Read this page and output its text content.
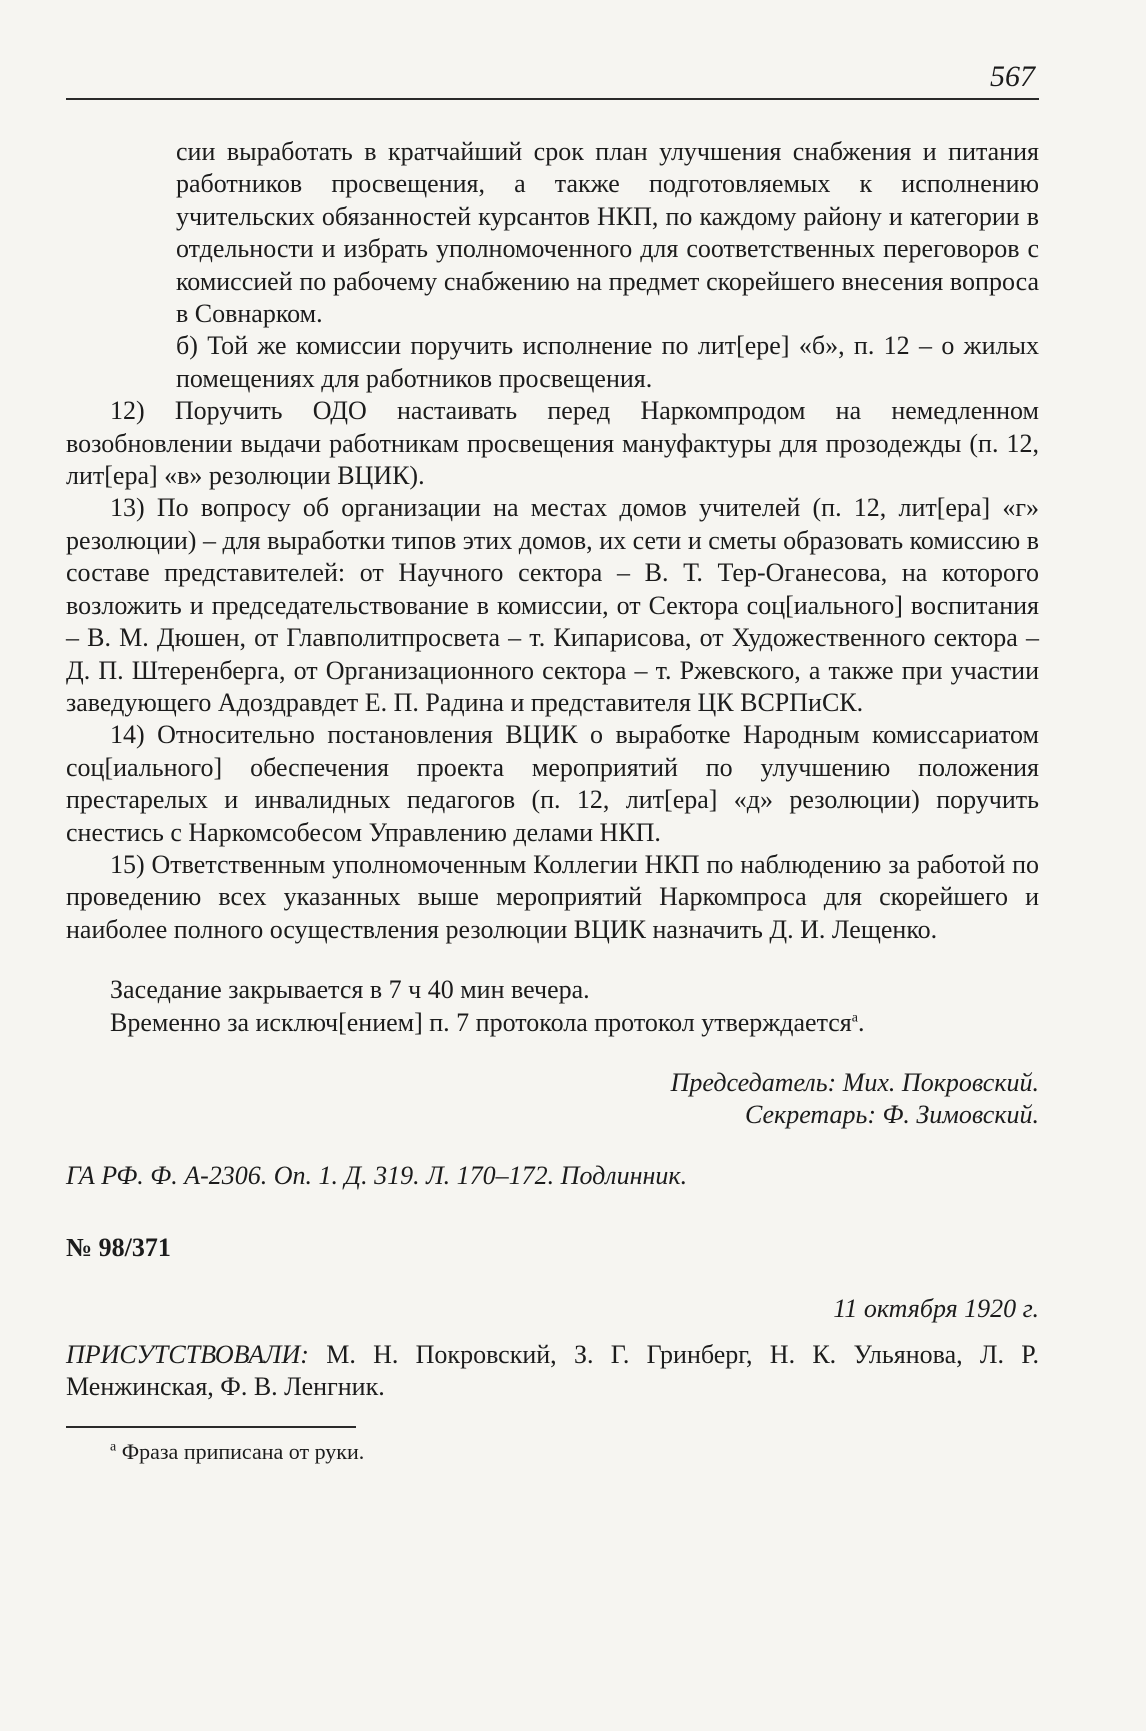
567

сии выработать в кратчайший срок план улучшения снабжения и питания работников просвещения, а также подготовляемых к исполнению учительских обязанностей курсантов НКП, по каждому району и категории в отдельности и избрать уполномоченного для соответственных переговоров с комиссией по рабочему снабжению на предмет скорейшего внесения вопроса в Совнарком.

б) Той же комиссии поручить исполнение по лит[ере] «б», п. 12 – о жилых помещениях для работников просвещения.

12) Поручить ОДО настаивать перед Наркомпродом на немедленном возобновлении выдачи работникам просвещения мануфактуры для прозодежды (п. 12, лит[ера] «в» резолюции ВЦИК).

13) По вопросу об организации на местах домов учителей (п. 12, лит[ера] «г» резолюции) – для выработки типов этих домов, их сети и сметы образовать комиссию в составе представителей: от Научного сектора – В. Т. Тер-Оганесова, на которого возложить и председательствование в комиссии, от Сектора соц[иального] воспитания – В. М. Дюшен, от Главполитпросвета – т. Кипарисова, от Художественного сектора – Д. П. Штеренберга, от Организационного сектора – т. Ржевского, а также при участии заведующего Адоздравдет Е. П. Радина и представителя ЦК ВСРПиСК.

14) Относительно постановления ВЦИК о выработке Народным комиссариатом соц[иального] обеспечения проекта мероприятий по улучшению положения престарелых и инвалидных педагогов (п. 12, лит[ера] «д» резолюции) поручить снестись с Наркомсобесом Управлению делами НКП.

15) Ответственным уполномоченным Коллегии НКП по наблюдению за работой по проведению всех указанных выше мероприятий Наркомпроса для скорейшего и наиболее полного осуществления резолюции ВЦИК назначить Д. И. Лещенко.

Заседание закрывается в 7 ч 40 мин вечера.

Временно за исключ[ением] п. 7 протокола протокол утверждается$^а$.

Председатель: Мих. Покровский.

Секретарь: Ф. Зимовский.

ГА РФ. Ф. А-2306. Оп. 1. Д. 319. Л. 170–172. Подлинник.

№ 98/371

11 октября 1920 г.

ПРИСУТСТВОВАЛИ: М. Н. Покровский, З. Г. Гринберг, Н. К. Ульянова, Л. Р. Менжинская, Ф. В. Ленгник.

$^а$ Фраза приписана от руки.
